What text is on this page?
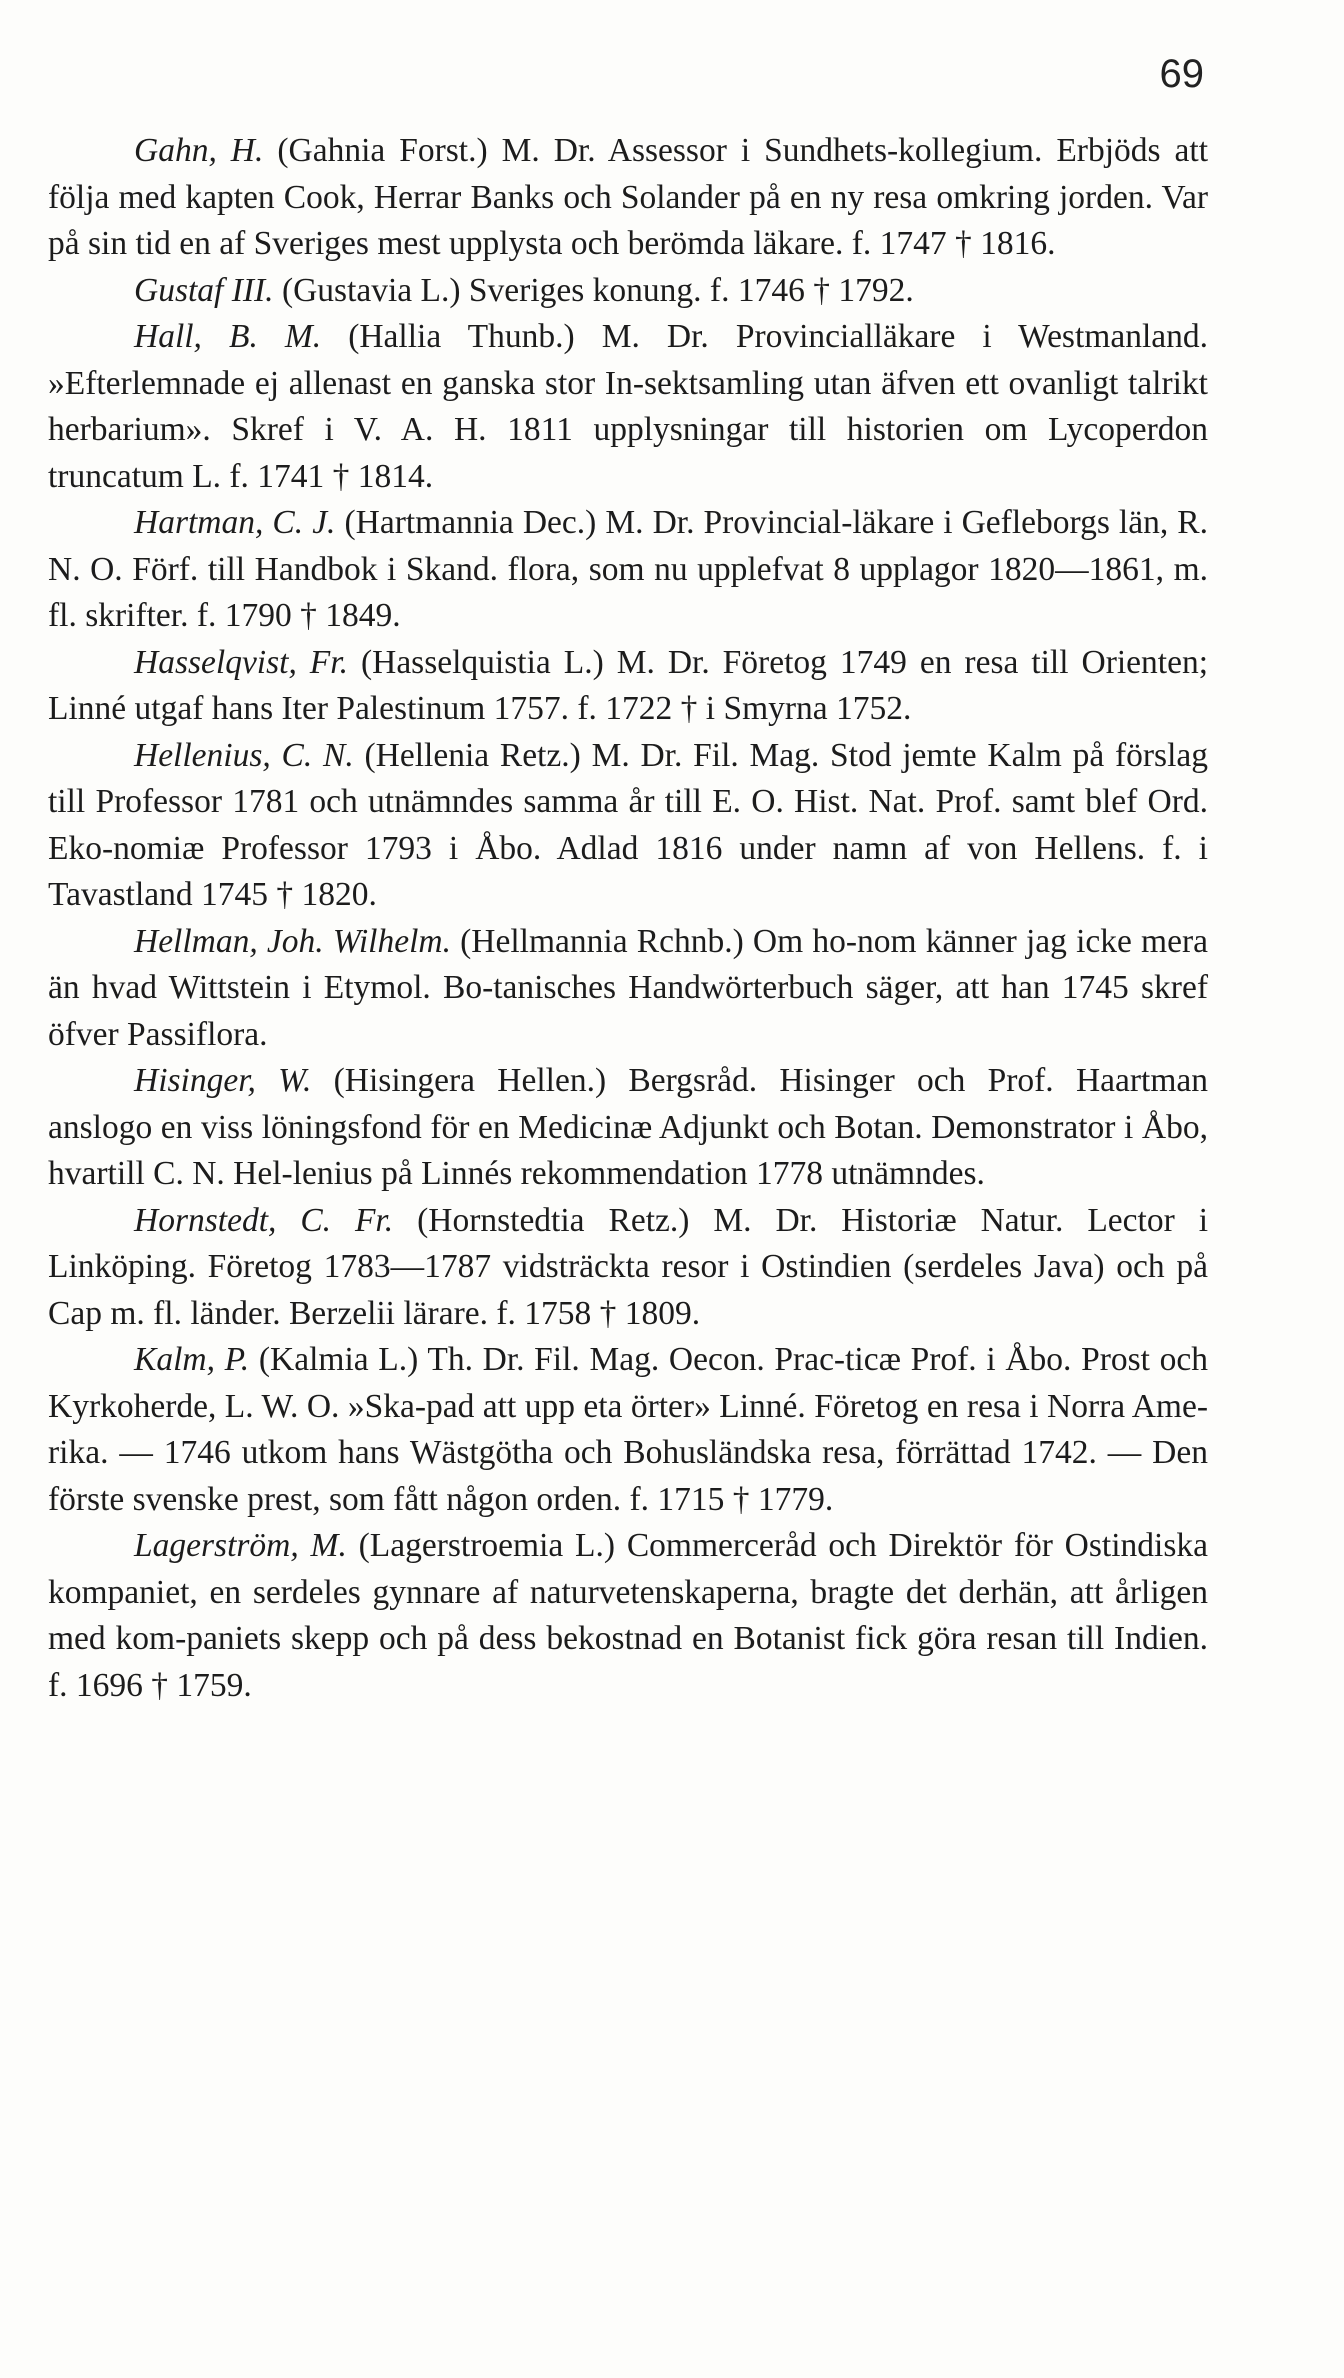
69

Gahn, H. (Gahnia Forst.) M. Dr. Assessor i Sundhets-kollegium. Erbjöds att följa med kapten Cook, Herrar Banks och Solander på en ny resa omkring jorden. Var på sin tid en af Sveriges mest upplysta och berömda läkare. f. 1747 † 1816.

Gustaf III. (Gustavia L.) Sveriges konung. f. 1746 † 1792.

Hall, B. M. (Hallia Thunb.) M. Dr. Provincialläkare i Westmanland. »Efterlemnade ej allenast en ganska stor In-sektsamling utan äfven ett ovanligt talrikt herbarium». Skref i V. A. H. 1811 upplysningar till historien om Lycoperdon truncatum L. f. 1741 † 1814.

Hartman, C. J. (Hartmannia Dec.) M. Dr. Provincial-läkare i Gefleborgs län, R. N. O. Förf. till Handbok i Skand. flora, som nu upplefvat 8 upplagor 1820—1861, m. fl. skrifter. f. 1790 † 1849.

Hasselqvist, Fr. (Hasselquistia L.) M. Dr. Företog 1749 en resa till Orienten; Linné utgaf hans Iter Palestinum 1757. f. 1722 † i Smyrna 1752.

Hellenius, C. N. (Hellenia Retz.) M. Dr. Fil. Mag. Stod jemte Kalm på förslag till Professor 1781 och utnämndes samma år till E. O. Hist. Nat. Prof. samt blef Ord. Eko-nomiæ Professor 1793 i Åbo. Adlad 1816 under namn af von Hellens. f. i Tavastland 1745 † 1820.

Hellman, Joh. Wilhelm. (Hellmannia Rchnb.) Om ho-nom känner jag icke mera än hvad Wittstein i Etymol. Bo-tanisches Handwörterbuch säger, att han 1745 skref öfver Passiflora.

Hisinger, W. (Hisingera Hellen.) Bergsråd. Hisinger och Prof. Haartman anslogo en viss löningsfond för en Medicinæ Adjunkt och Botan. Demonstrator i Åbo, hvartill C. N. Hel-lenius på Linnés rekommendation 1778 utnämndes.

Hornstedt, C. Fr. (Hornstedtia Retz.) M. Dr. Historiæ Natur. Lector i Linköping. Företog 1783—1787 vidsträckta resor i Ostindien (serdeles Java) och på Cap m. fl. länder. Berzelii lärare. f. 1758 † 1809.

Kalm, P. (Kalmia L.) Th. Dr. Fil. Mag. Oecon. Prac-ticæ Prof. i Åbo. Prost och Kyrkoherde, L. W. O. »Ska-pad att upp eta örter» Linné. Företog en resa i Norra Ame-rika. — 1746 utkom hans Wästgötha och Bohusländska resa, förrättad 1742. — Den förste svenske prest, som fått någon orden. f. 1715 † 1779.

Lagerström, M. (Lagerstroemia L.) Commerceråd och Direktör för Ostindiska kompaniet, en serdeles gynnare af naturvetenskaperna, bragte det derhän, att årligen med kom-paniets skepp och på dess bekostnad en Botanist fick göra resan till Indien. f. 1696 † 1759.
